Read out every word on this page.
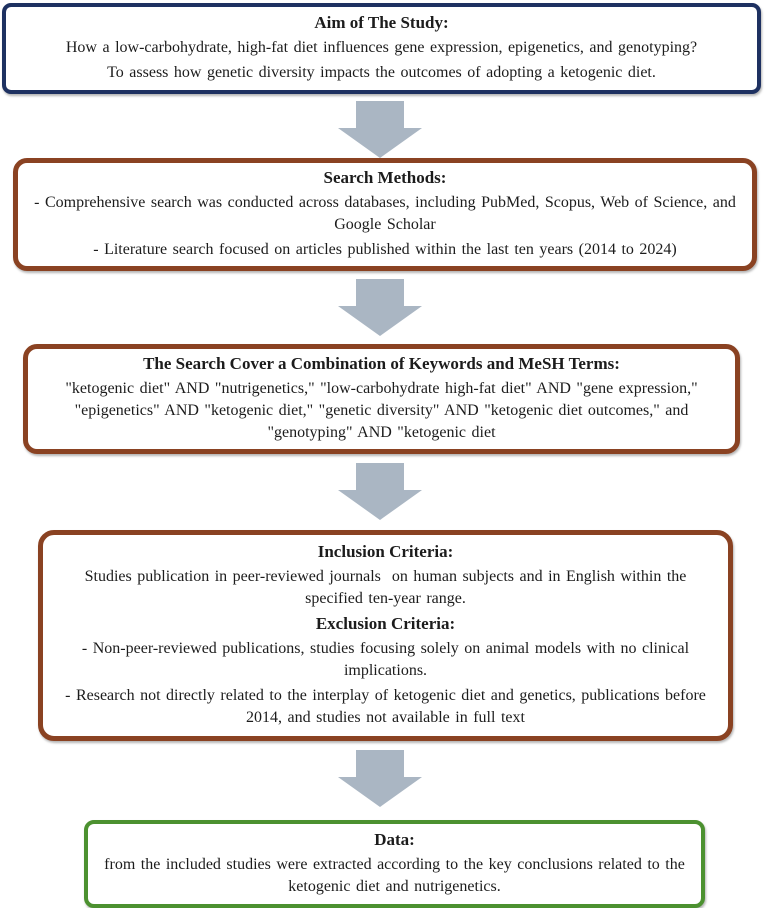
Aim of The Study:
How a low-carbohydrate, high-fat diet influences gene expression, epigenetics, and genotyping?
To assess how genetic diversity impacts the outcomes of adopting a ketogenic diet.
Search Methods:
- Comprehensive search was conducted across databases, including PubMed, Scopus, Web of Science, and Google Scholar
- Literature search focused on articles published within the last ten years (2014 to 2024)
The Search Cover a Combination of Keywords and MeSH Terms:
"ketogenic diet" AND "nutrigenetics," "low-carbohydrate high-fat diet" AND "gene expression," "epigenetics" AND "ketogenic diet," "genetic diversity" AND "ketogenic diet outcomes," and "genotyping" AND "ketogenic diet
Inclusion Criteria:
Studies publication in peer-reviewed journals  on human subjects and in English within the specified ten-year range.
Exclusion Criteria:
- Non-peer-reviewed publications, studies focusing solely on animal models with no clinical implications.
- Research not directly related to the interplay of ketogenic diet and genetics, publications before 2014, and studies not available in full text
Data:
from the included studies were extracted according to the key conclusions related to the ketogenic diet and nutrigenetics.
